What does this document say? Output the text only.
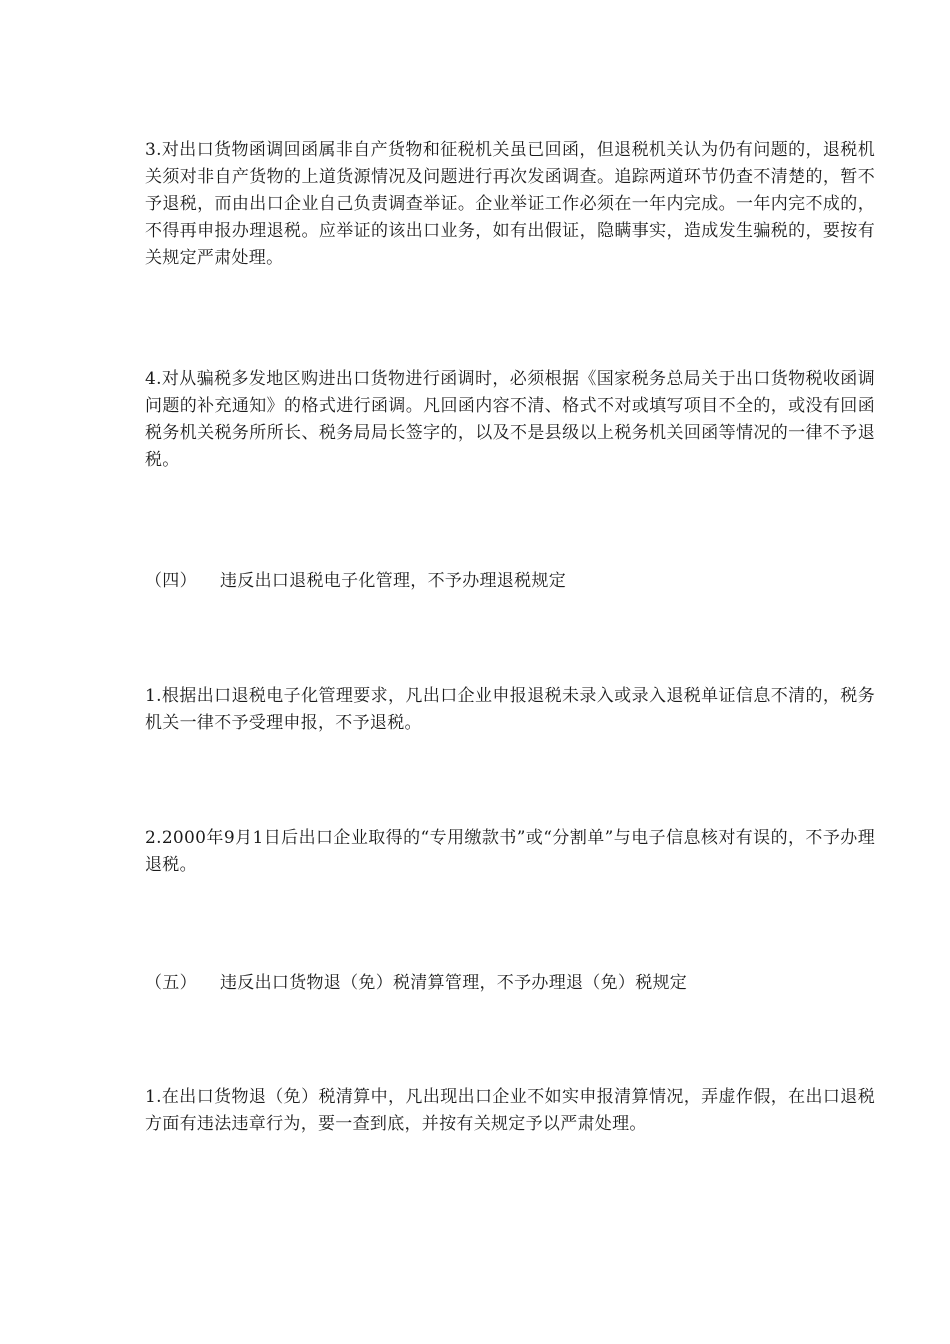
3.对出口货物函调回函属非自产货物和征税机关虽已回函，但退税机关认为仍有问题的，退税机关须对非自产货物的上道货源情况及问题进行再次发函调查。追踪两道环节仍查不清楚的，暂不予退税，而由出口企业自己负责调查举证。企业举证工作必须在一年内完成。一年内完不成的，不得再申报办理退税。应举证的该出口业务，如有出假证，隐瞒事实，造成发生骗税的，要按有关规定严肃处理。

4.对从骗税多发地区购进出口货物进行函调时，必须根据《国家税务总局关于出口货物税收函调问题的补充通知》的格式进行函调。凡回函内容不清、格式不对或填写项目不全的，或没有回函税务机关税务所所长、税务局局长签字的，以及不是县级以上税务机关回函等情况的一律不予退税。

（四） 违反出口退税电子化管理，不予办理退税规定

1.根据出口退税电子化管理要求，凡出口企业申报退税未录入或录入退税单证信息不清的，税务机关一律不予受理申报，不予退税。

2.2000年9月1日后出口企业取得的“专用缴款书”或“分割单”与电子信息核对有误的，不予办理退税。

（五） 违反出口货物退（免）税清算管理，不予办理退（免）税规定

1.在出口货物退（免）税清算中，凡出现出口企业不如实申报清算情况，弄虚作假，在出口退税方面有违法违章行为，要一查到底，并按有关规定予以严肃处理。
